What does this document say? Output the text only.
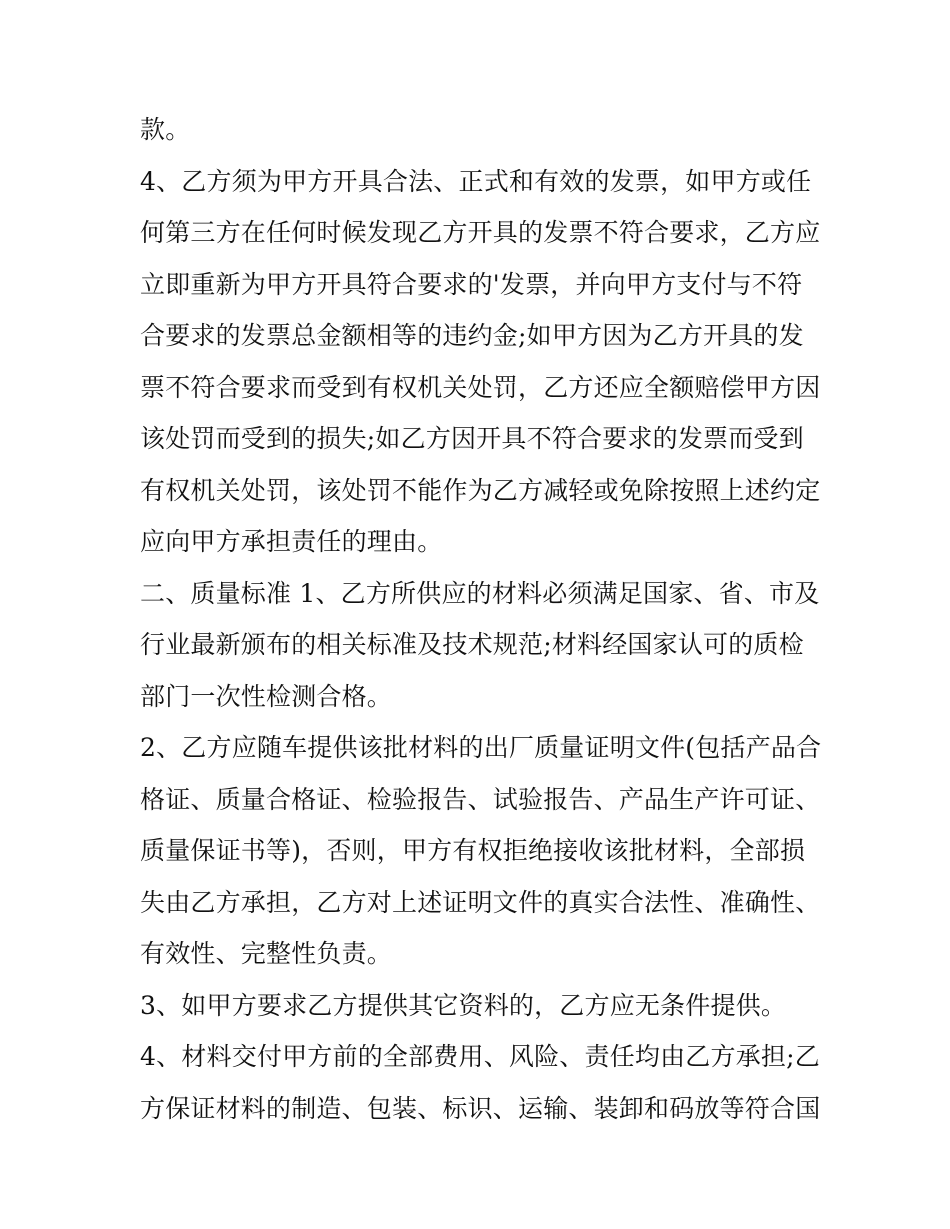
款。
4、乙方须为甲方开具合法、正式和有效的发票，如甲方或任
何第三方在任何时候发现乙方开具的发票不符合要求，乙方应
立即重新为甲方开具符合要求的'发票，并向甲方支付与不符
合要求的发票总金额相等的违约金;如甲方因为乙方开具的发
票不符合要求而受到有权机关处罚，乙方还应全额赔偿甲方因
该处罚而受到的损失;如乙方因开具不符合要求的发票而受到
有权机关处罚，该处罚不能作为乙方减轻或免除按照上述约定
应向甲方承担责任的理由。
二、质量标准 1、乙方所供应的材料必须满足国家、省、市及
行业最新颁布的相关标准及技术规范;材料经国家认可的质检
部门一次性检测合格。
2、乙方应随车提供该批材料的出厂质量证明文件(包括产品合
格证、质量合格证、检验报告、试验报告、产品生产许可证、
质量保证书等)，否则，甲方有权拒绝接收该批材料，全部损
失由乙方承担，乙方对上述证明文件的真实合法性、准确性、
有效性、完整性负责。
3、如甲方要求乙方提供其它资料的，乙方应无条件提供。
4、材料交付甲方前的全部费用、风险、责任均由乙方承担;乙
方保证材料的制造、包装、标识、运输、装卸和码放等符合国
